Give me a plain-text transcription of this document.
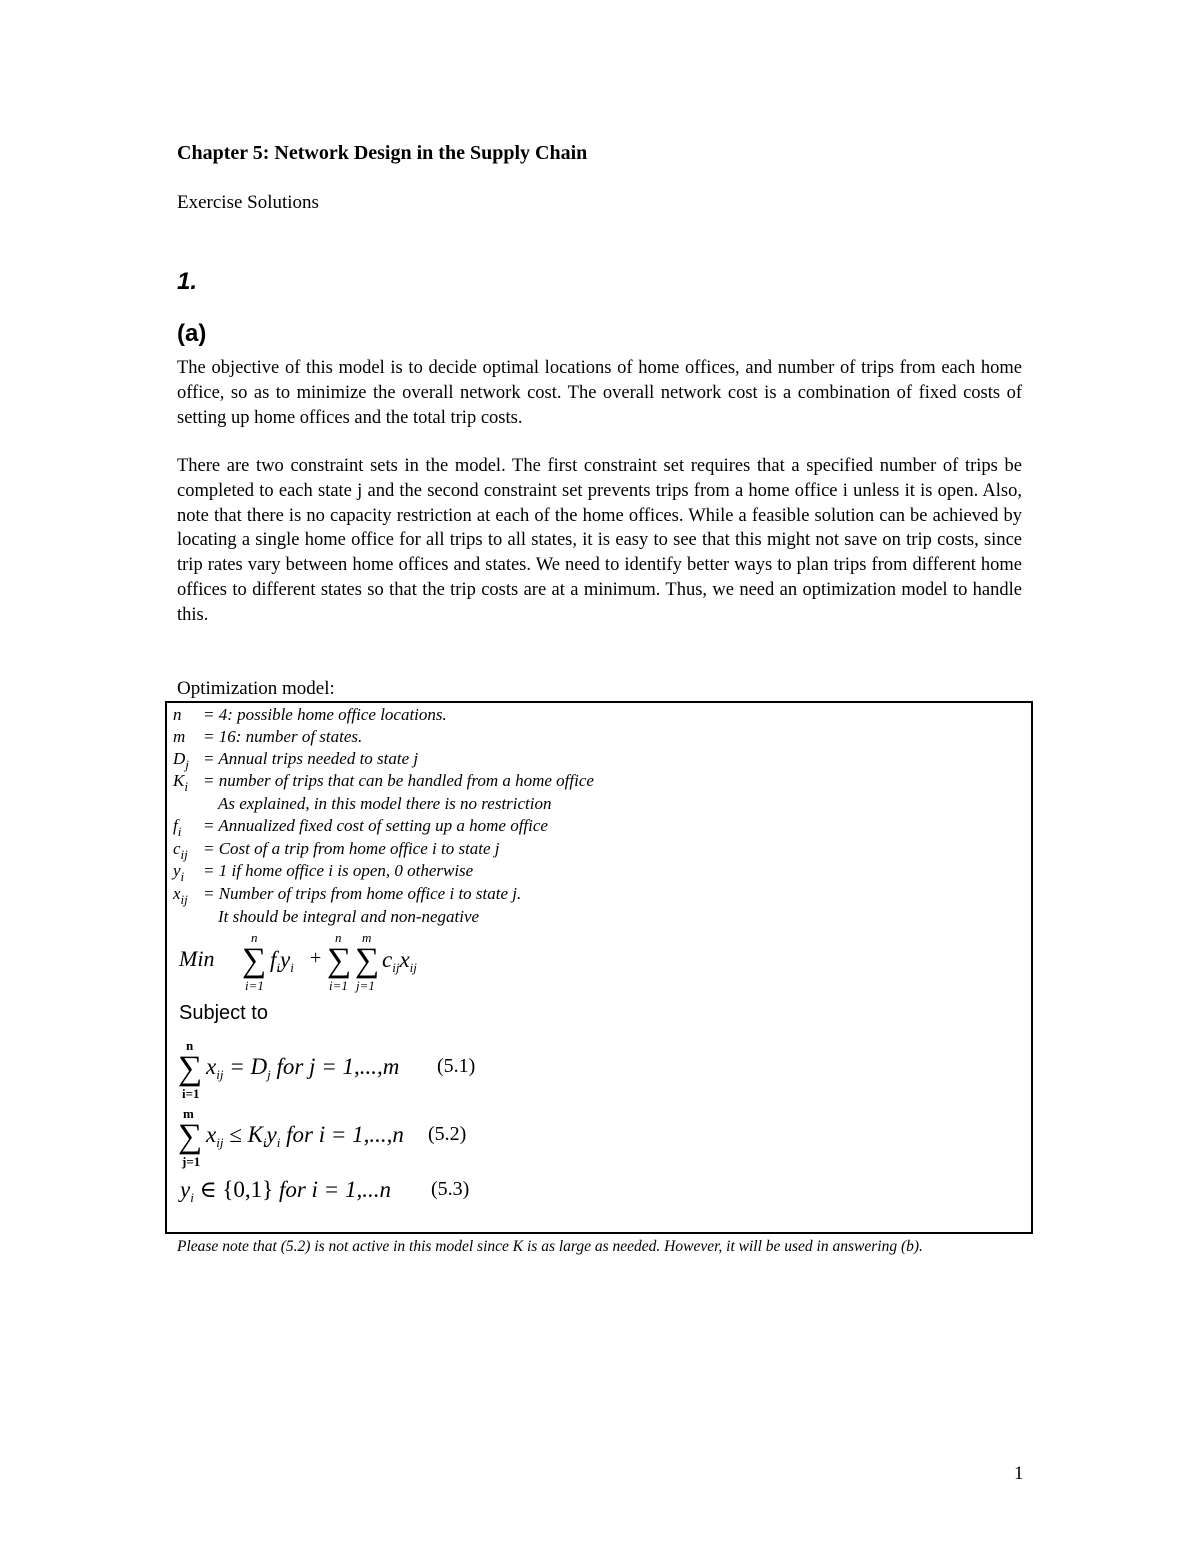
Chapter 5: Network Design in the Supply Chain
Exercise Solutions
1.
(a)

The objective of this model is to decide optimal locations of home offices, and number of trips from each home office, so as to minimize the overall network cost. The overall network cost is a combination of fixed costs of setting up home offices and the total trip costs.

There are two constraint sets in the model. The first constraint set requires that a specified number of trips be completed to each state j and the second constraint set prevents trips from a home office i unless it is open. Also, note that there is no capacity restriction at each of the home offices. While a feasible solution can be achieved by locating a single home office for all trips to all states, it is easy to see that this might not save on trip costs, since trip rates vary between home offices and states. We need to identify better ways to plan trips from different home offices to different states so that the trip costs are at a minimum. Thus, we need an optimization model to handle this.

Optimization model:
n = 4: possible home office locations.
m = 16: number of states.
$D_j$ = Annual trips needed to state j
$K_i$ = number of trips that can be handled from a home office
As explained, in this model there is no restriction
$f_i$ = Annualized fixed cost of setting up a home office
$c_{ij}$ = Cost of a trip from home office i to state j
$y_i = 1$ if home office i is open, 0 otherwise
$x_{ij}$ = Number of trips from home office i to state j.
It should be integral and non-negative
Min
n
∑
i=1
$f_iy_i$ +
n
∑
i=1
m
∑
j=1
$c_{ij}x_{ij}$
Subject to
n
∑
i=1
$x_{ij} = D_j$ for j = 1,...,m (5.1)
m
∑
j=1
$x_{ij} \le K_iy_i$ for i = 1,...,n (5.2)
$y_i$ ∈ {0,1} for i = 1,...n (5.3)
Please note that (5.2) is not active in this model since K is as large as needed. However, it will be used in answering (b).
1
